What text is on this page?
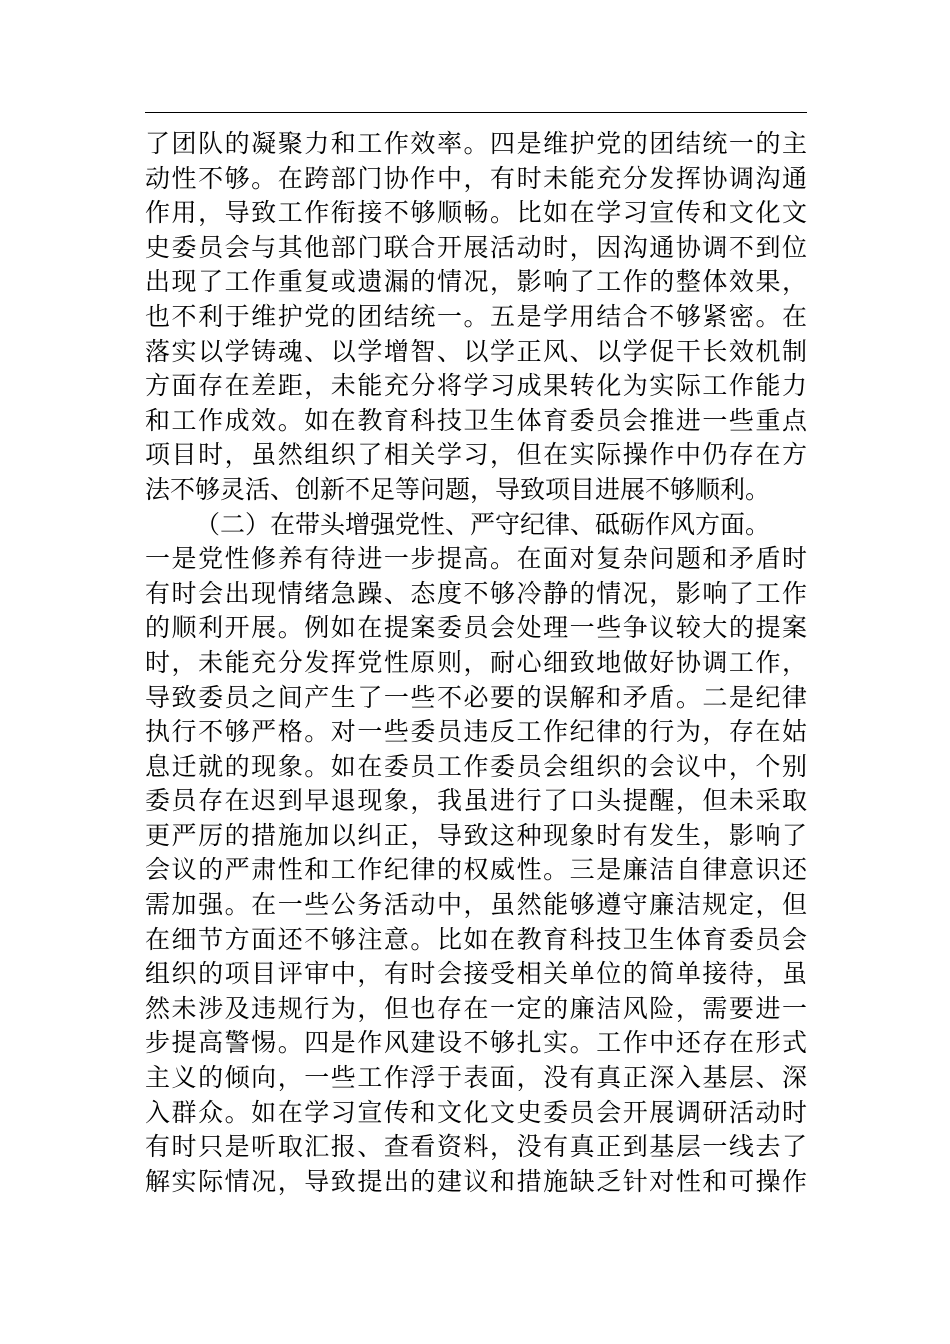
了团队的凝聚力和工作效率。四是维护党的团结统一的主
动性不够。在跨部门协作中，有时未能充分发挥协调沟通
作用，导致工作衔接不够顺畅。比如在学习宣传和文化文
史委员会与其他部门联合开展活动时，因沟通协调不到位
出现了工作重复或遗漏的情况，影响了工作的整体效果，
也不利于维护党的团结统一。五是学用结合不够紧密。在
落实以学铸魂、以学增智、以学正风、以学促干长效机制
方面存在差距，未能充分将学习成果转化为实际工作能力
和工作成效。如在教育科技卫生体育委员会推进一些重点
项目时，虽然组织了相关学习，但在实际操作中仍存在方
法不够灵活、创新不足等问题，导致项目进展不够顺利。
（二）在带头增强党性、严守纪律、砥砺作风方面。
一是党性修养有待进一步提高。在面对复杂问题和矛盾时
有时会出现情绪急躁、态度不够冷静的情况，影响了工作
的顺利开展。例如在提案委员会处理一些争议较大的提案
时，未能充分发挥党性原则，耐心细致地做好协调工作，
导致委员之间产生了一些不必要的误解和矛盾。二是纪律
执行不够严格。对一些委员违反工作纪律的行为，存在姑
息迁就的现象。如在委员工作委员会组织的会议中，个别
委员存在迟到早退现象，我虽进行了口头提醒，但未采取
更严厉的措施加以纠正，导致这种现象时有发生，影响了
会议的严肃性和工作纪律的权威性。三是廉洁自律意识还
需加强。在一些公务活动中，虽然能够遵守廉洁规定，但
在细节方面还不够注意。比如在教育科技卫生体育委员会
组织的项目评审中，有时会接受相关单位的简单接待，虽
然未涉及违规行为，但也存在一定的廉洁风险，需要进一
步提高警惕。四是作风建设不够扎实。工作中还存在形式
主义的倾向，一些工作浮于表面，没有真正深入基层、深
入群众。如在学习宣传和文化文史委员会开展调研活动时
有时只是听取汇报、查看资料，没有真正到基层一线去了
解实际情况，导致提出的建议和措施缺乏针对性和可操作
